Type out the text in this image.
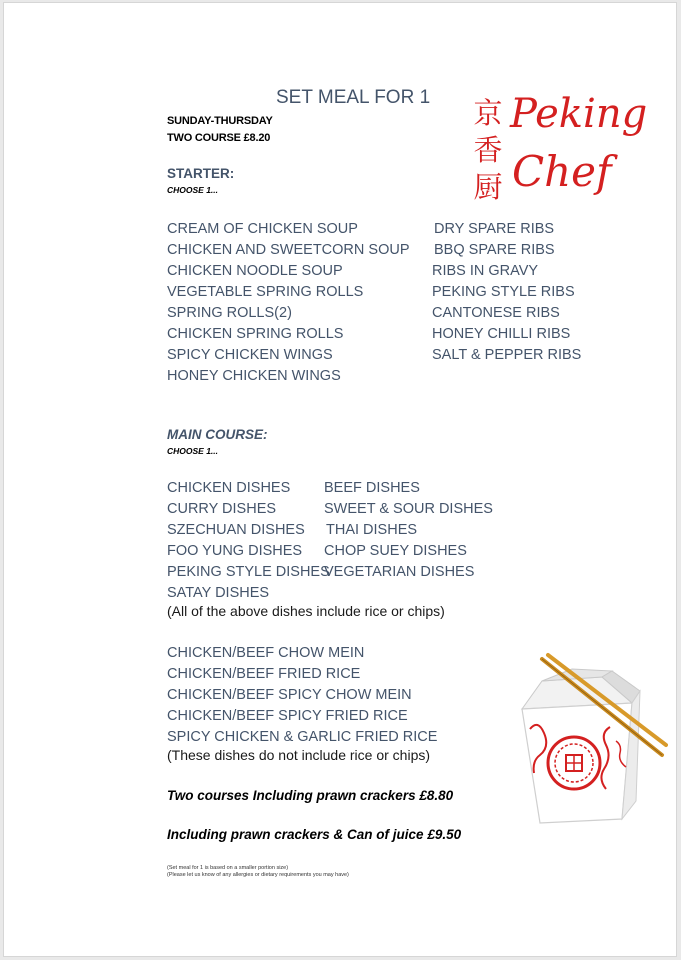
SET MEAL FOR 1
SUNDAY-THURSDAY
TWO COURSE £8.20
京
香
厨
Peking
Chef
STARTER:
CHOOSE 1...
CREAM OF CHICKEN SOUP
CHICKEN AND SWEETCORN SOUP
CHICKEN NOODLE SOUP
VEGETABLE SPRING ROLLS
SPRING ROLLS(2)
CHICKEN SPRING ROLLS
SPICY CHICKEN WINGS
HONEY CHICKEN WINGS
DRY SPARE RIBS
BBQ SPARE RIBS
RIBS IN GRAVY
PEKING STYLE RIBS
CANTONESE RIBS
HONEY CHILLI RIBS
SALT & PEPPER RIBS
MAIN COURSE:
CHOOSE 1...
CHICKEN DISHES
CURRY DISHES
SZECHUAN DISHES
FOO YUNG DISHES
PEKING STYLE DISHES
SATAY DISHES
BEEF DISHES
SWEET & SOUR DISHES
THAI DISHES
CHOP SUEY DISHES
VEGETARIAN DISHES
(All of the above dishes include rice or chips)
CHICKEN/BEEF CHOW MEIN
CHICKEN/BEEF FRIED RICE
CHICKEN/BEEF SPICY CHOW MEIN
CHICKEN/BEEF SPICY FRIED RICE
SPICY CHICKEN & GARLIC FRIED RICE
(These dishes do not include rice or chips)
Two courses Including prawn crackers £8.80
Including prawn crackers & Can of juice £9.50
(Set meal for 1 is based on a smaller portion size)
(Please let us know of any allergies or dietary requirements you may have)
